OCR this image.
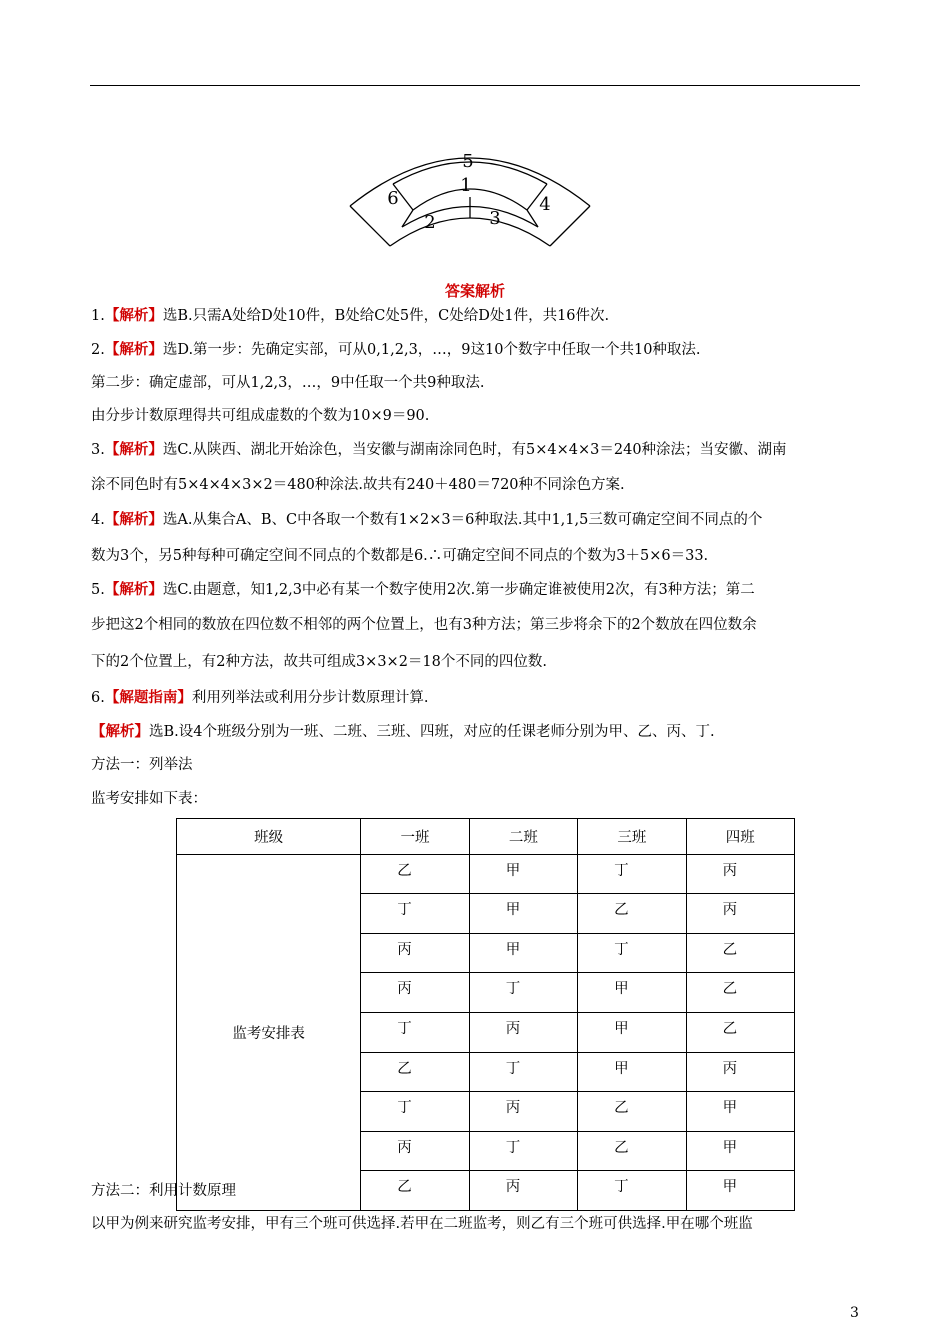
5
1
6
2	3
4
答案解析
1.【解析】选B.只需A处给D处10件，B处给C处5件，C处给D处1件，共16件次.
2.【解析】选D.第一步：先确定实部，可从0,1,2,3，…，9这10个数字中任取一个共10种取法.
第二步：确定虚部，可从1,2,3，…，9中任取一个共9种取法.
由分步计数原理得共可组成虚数的个数为10×9＝90.
3.【解析】选C.从陕西、湖北开始涂色，当安徽与湖南涂同色时，有5×4×4×3＝240种涂法；当安徽、湖南
涂不同色时有5×4×4×3×2＝480种涂法.故共有240＋480＝720种不同涂色方案.
4.【解析】选A.从集合A、B、C中各取一个数有1×2×3＝6种取法.其中1,1,5三数可确定空间不同点的个
数为3个，另5种每种可确定空间不同点的个数都是6.∴可确定空间不同点的个数为3＋5×6＝33.
5.【解析】选C.由题意，知1,2,3中必有某一个数字使用2次.第一步确定谁被使用2次，有3种方法；第二
步把这2个相同的数放在四位数不相邻的两个位置上，也有3种方法；第三步将余下的2个数放在四位数余
下的2个位置上，有2种方法，故共可组成3×3×2＝18个不同的四位数.
6.【解题指南】利用列举法或利用分步计数原理计算.
【解析】选B.设4个班级分别为一班、二班、三班、四班，对应的任课老师分别为甲、乙、丙、丁.
方法一：列举法
监考安排如下表：
班级	一班	二班	三班	四班
监考安排表	乙	甲	丁	丙
	丁	甲	乙	丙
	丙	甲	丁	乙
	丙	丁	甲	乙
	丁	丙	甲	乙
	乙	丁	甲	丙
	丁	丙	乙	甲
	丙	丁	乙	甲
	乙	丙	丁	甲
方法二：利用计数原理
以甲为例来研究监考安排，甲有三个班可供选择.若甲在二班监考，则乙有三个班可供选择.甲在哪个班监
3
